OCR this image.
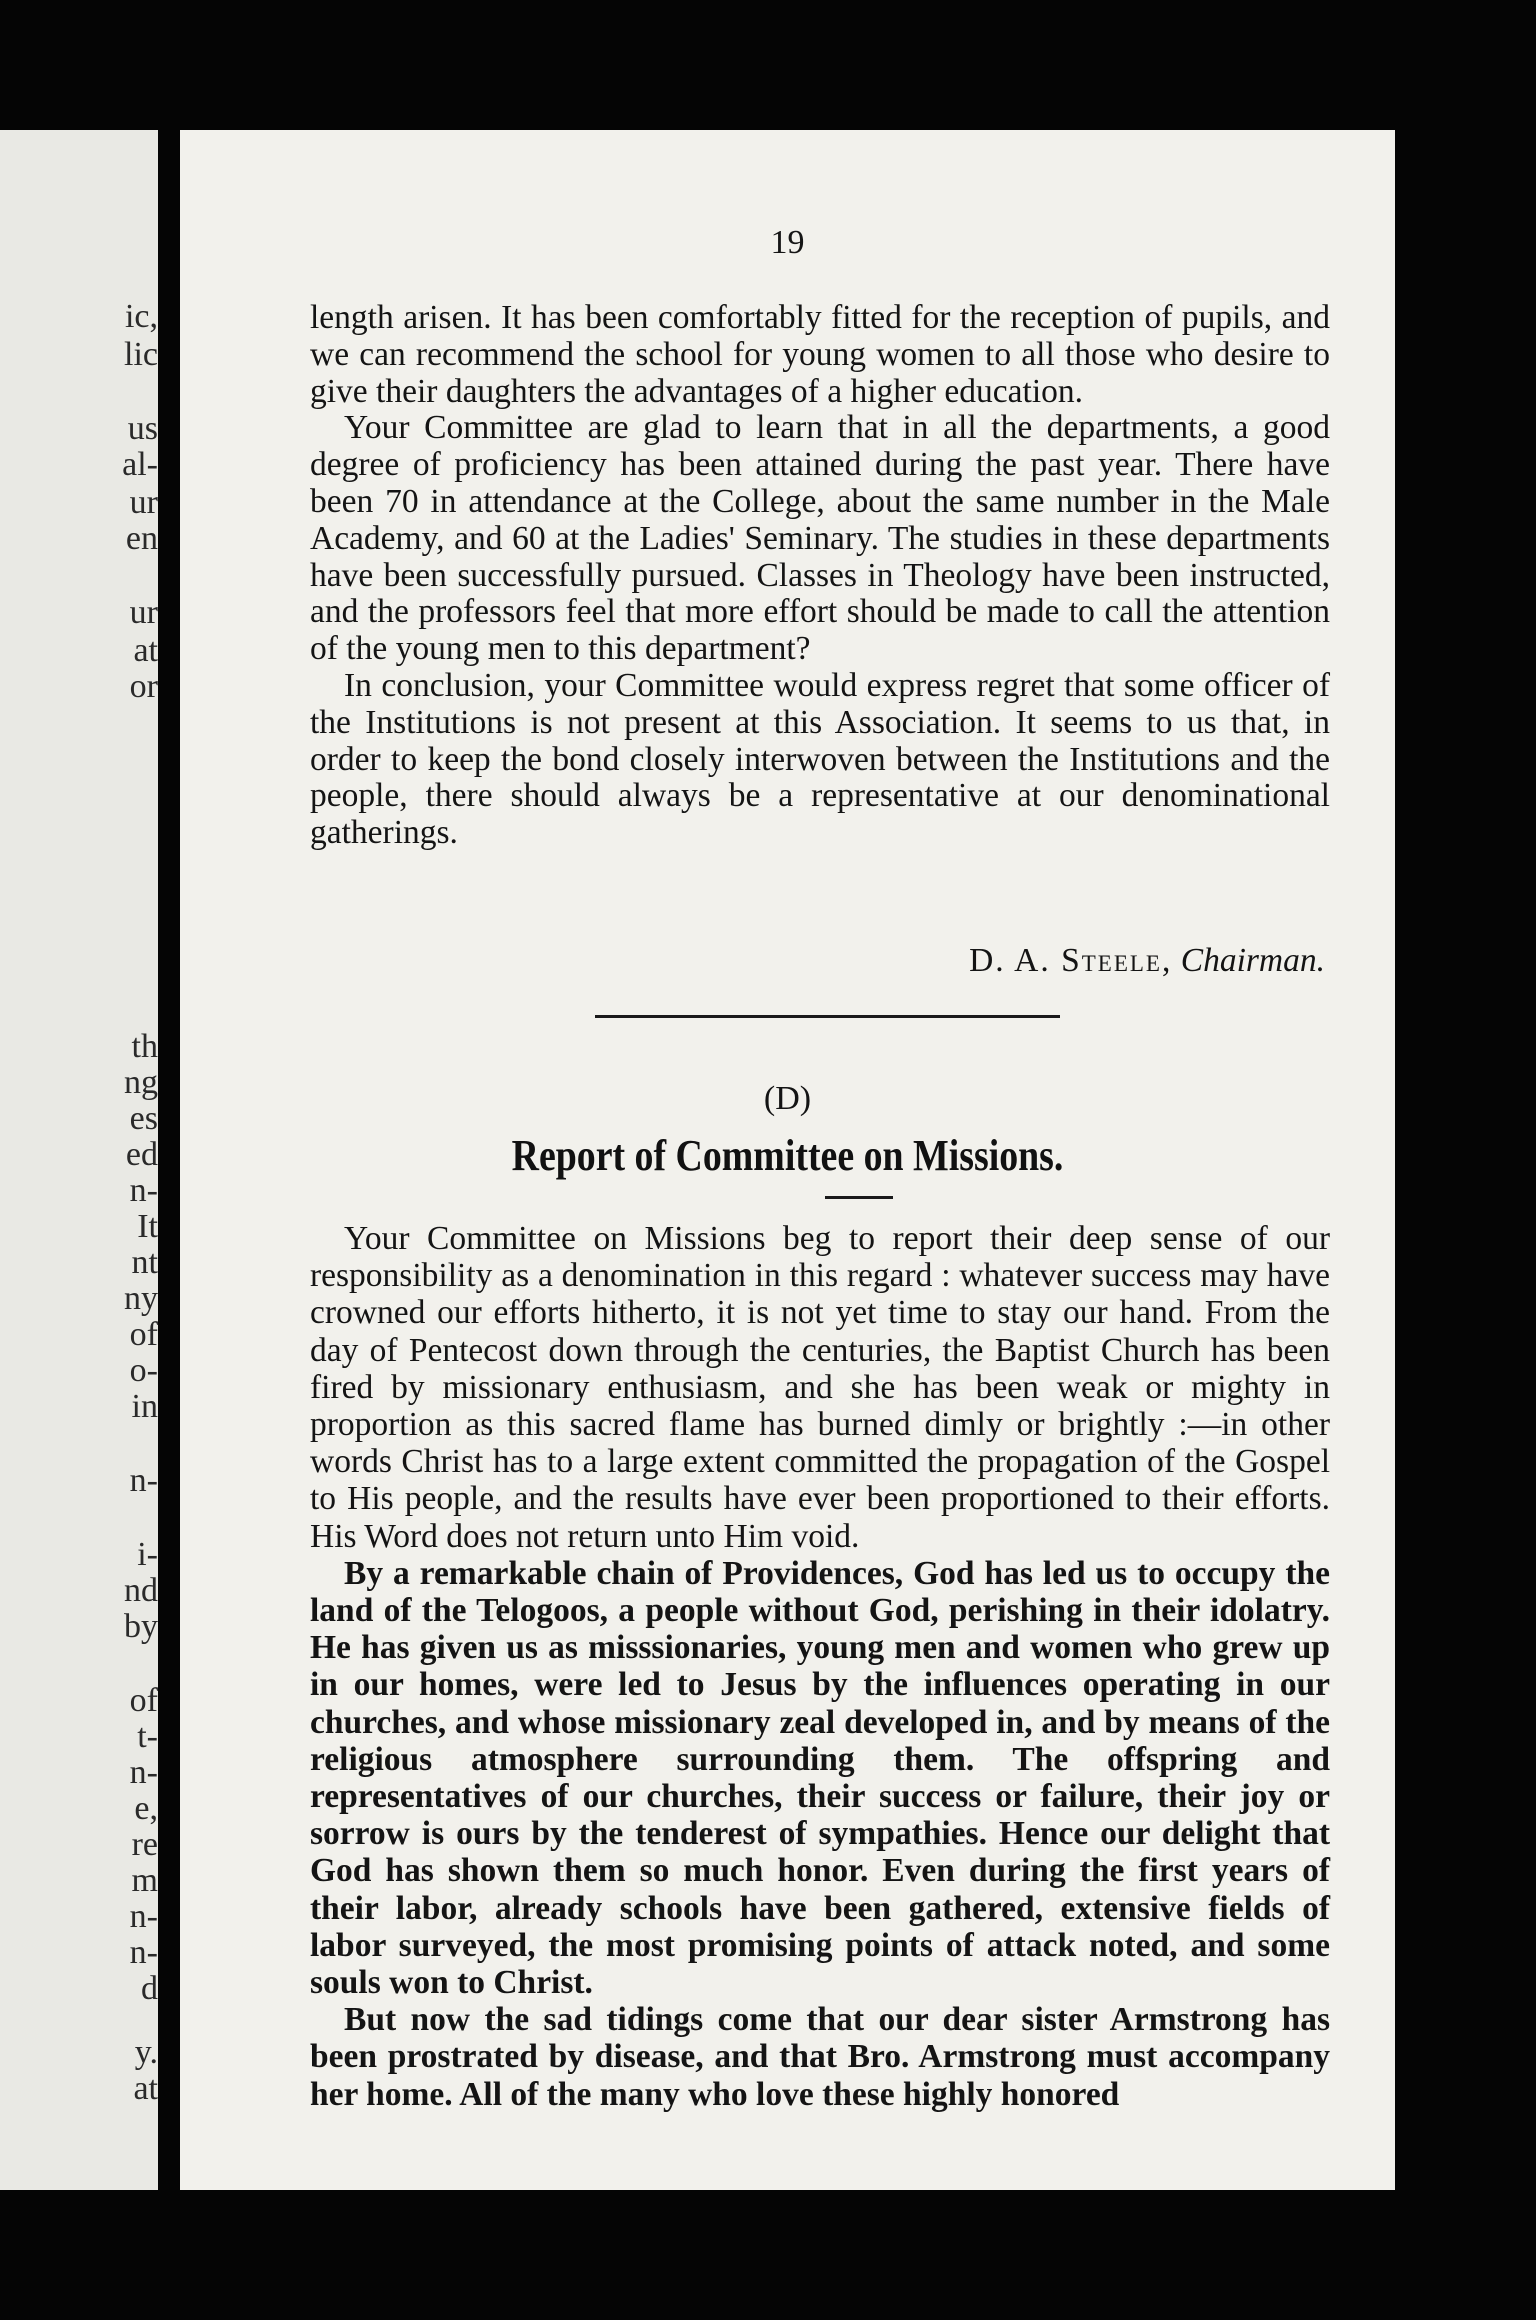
ic,
lic
us
al-
ur
en
ur
at
or
th
ng
es
ed
n-
It
nt
ny
of
o-
in
n-
i-
nd
by
of
t-
n-
e,
re
m
n-
n-
d
y.
at
19

length arisen. It has been comfortably fitted for the reception of pupils, and we can recommend the school for young women to all those who desire to give their daughters the advantages of a higher education.

Your Committee are glad to learn that in all the departments, a good degree of proficiency has been attained during the past year. There have been 70 in attendance at the College, about the same number in the Male Academy, and 60 at the Ladies' Seminary. The studies in these departments have been successfully pursued. Classes in Theology have been instructed, and the professors feel that more effort should be made to call the attention of the young men to this department?

In conclusion, your Committee would express regret that some officer of the Institutions is not present at this Association. It seems to us that, in order to keep the bond closely interwoven between the Institutions and the people, there should always be a representative at our denominational gatherings.

D. A. Steele, Chairman.
(D)
Report of Committee on Missions.

Your Committee on Missions beg to report their deep sense of our responsibility as a denomination in this regard : whatever success may have crowned our efforts hitherto, it is not yet time to stay our hand. From the day of Pentecost down through the centuries, the Baptist Church has been fired by missionary enthusiasm, and she has been weak or mighty in proportion as this sacred flame has burned dimly or brightly :—in other words Christ has to a large extent committed the propagation of the Gospel to His people, and the results have ever been proportioned to their efforts. His Word does not return unto Him void.

By a remarkable chain of Providences, God has led us to occupy the land of the Telogoos, a people without God, perishing in their idolatry. He has given us as misssionaries, young men and women who grew up in our homes, were led to Jesus by the influences operating in our churches, and whose missionary zeal developed in, and by means of the religious atmosphere surrounding them. The offspring and representatives of our churches, their success or failure, their joy or sorrow is ours by the tenderest of sympathies. Hence our delight that God has shown them so much honor. Even during the first years of their labor, already schools have been gathered, extensive fields of labor surveyed, the most promising points of attack noted, and some souls won to Christ.

But now the sad tidings come that our dear sister Armstrong has been prostrated by disease, and that Bro. Armstrong must accompany her home. All of the many who love these highly honored
